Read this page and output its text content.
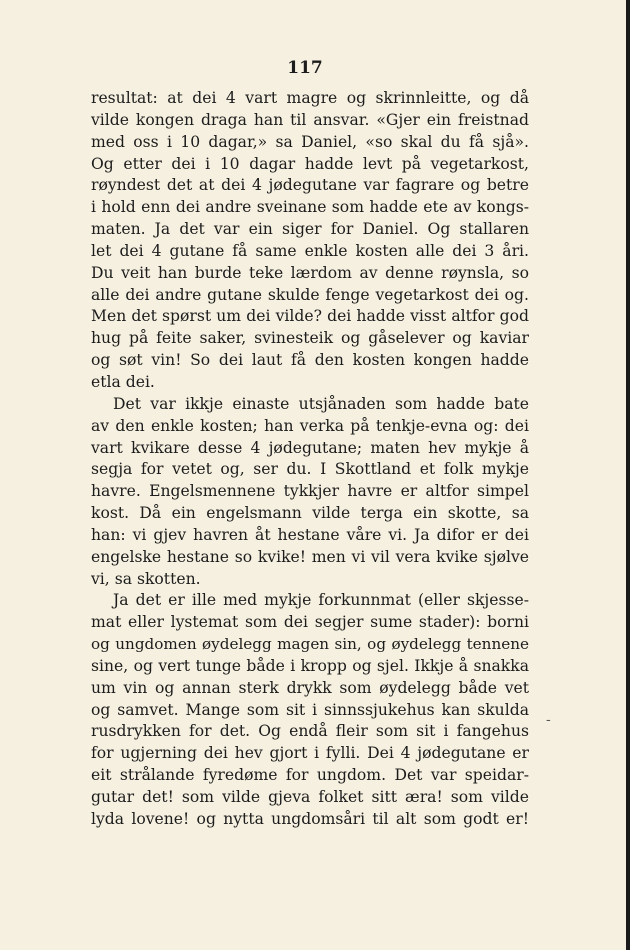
117
resultat: at dei 4 vart magre og skrinnleitte, og då
vilde kongen draga han til ansvar. «Gjer ein freistnad
med oss i 10 dagar,» sa Daniel, «so skal du få sjå».
Og etter dei i 10 dagar hadde levt på vegetarkost,
røyndest det at dei 4 jødegutane var fagrare og betre
i hold enn dei andre sveinane som hadde ete av kongs-
maten. Ja det var ein siger for Daniel. Og stallaren
let dei 4 gutane få same enkle kosten alle dei 3 åri.
Du veit han burde teke lærdom av denne røynsla, so
alle dei andre gutane skulde fenge vegetarkost dei og.
Men det spørst um dei vilde? dei hadde visst altfor god
hug på feite saker, svinesteik og gåselever og kaviar
og søt vin! So dei laut få den kosten kongen hadde
etla dei.
Det var ikkje einaste utsjånaden som hadde bate
av den enkle kosten; han verka på tenkje-evna og: dei
vart kvikare desse 4 jødegutane; maten hev mykje å
segja for vetet og, ser du. I Skottland et folk mykje
havre. Engelsmennene tykkjer havre er altfor simpel
kost. Då ein engelsmann vilde terga ein skotte, sa
han: vi gjev havren åt hestane våre vi. Ja difor er dei
engelske hestane so kvike! men vi vil vera kvike sjølve
vi, sa skotten.
Ja det er ille med mykje forkunnmat (eller skjesse-
mat eller lystemat som dei segjer sume stader): borni
og ungdomen øydelegg magen sin, og øydelegg tennene
sine, og vert tunge både i kropp og sjel. Ikkje å snakka
um vin og annan sterk drykk som øydelegg både vet
og samvet. Mange som sit i sinnssjukehus kan skulda
rusdrykken for det. Og endå fleir som sit i fangehus
for ugjerning dei hev gjort i fylli. Dei 4 jødegutane er
eit strålande fyredøme for ungdom. Det var speidar-
gutar det! som vilde gjeva folket sitt æra! som vilde
lyda lovene! og nytta ungdomsåri til alt som godt er!
-
